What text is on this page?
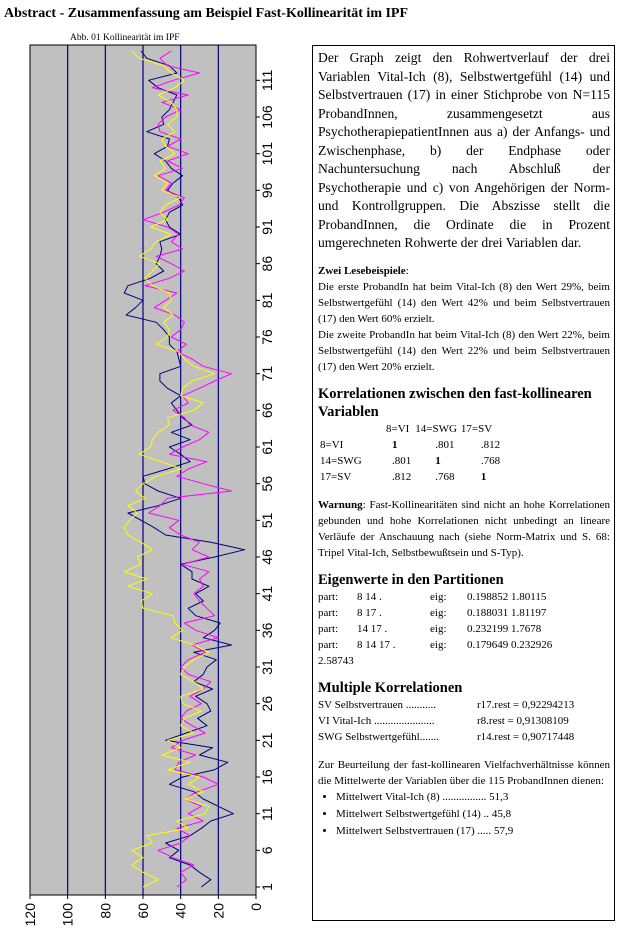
Abstract - Zusammenfassung am Beispiel Fast-Kollinearität im IPF
Abb. 01 Kollinearität im IPF
120 100 80 60 40 20 0
1
6
11
16
21
26
31
36
41
46
51
56
61
66
71
76
81
86
91
96
101
106
111
Der Graph zeigt den Rohwertverlauf der drei Variablen Vital-Ich (8), Selbstwertgefühl (14) und Selbstvertrauen (17) in einer Stichprobe von N=115 ProbandInnen, zusammengesetzt aus PsychotherapiepatientInnen aus a) der Anfangs- und Zwischenphase, b) der Endphase oder Nachuntersuchung nach Abschluß der Psychotherapie und c) von Angehörigen der Norm- und Kontrollgruppen. Die Abszisse stellt die ProbandInnen, die Ordinate die in Prozent umgerechneten Rohwerte der drei Variablen dar.
Zwei Lesebeispiele:
Die erste ProbandIn hat beim Vital-Ich (8) den Wert 29%, beim Selbstwertgefühl (14) den Wert 42% und beim Selbstvertrauen (17) den Wert 60% erzielt.
Die zweite ProbandIn hat beim Vital-Ich (8) den Wert 22%, beim Selbstwertgefühl (14) den Wert 22% und beim Selbstvertrauen (17) den Wert 20% erzielt.
Korrelationen zwischen den fast-kollinearen Variablen
	8=VI	14=SWG	17=SV
8=VI	1	.801	.812
14=SWG	.801	1	.768
17=SV	.812	.768	1
Warnung: Fast-Kollinearitäten sind nicht an hohe Korrelationen gebunden und hohe Korrelationen nicht unbedingt an lineare Verläufe der Anschauung nach (siehe Norm-Matrix und S. 68: Tripel Vital-Ich, Selbstbewußtsein und S-Typ).
Eigenwerte in den Partitionen
part:	8 14 .	eig:	0.198852 1.80115
part:	8 17 .	eig:	0.188031 1.81197
part:	14 17 .	eig:	0.232199 1.7678
part:	8 14 17 .	eig:	0.179649 0.232926
2.58743
Multiple Korrelationen
SV Selbstvertrauen ...........	r17.rest = 0,92294213
VI Vital-Ich ......................	r8.rest = 0,91308109
SWG Selbstwertgefühl.......	r14.rest = 0,90717448
Zur Beurteilung der fast-kollinearen Vielfachverhältnisse können die Mittelwerte der Variablen über die 115 ProbandInnen dienen:
• Mittelwert Vital-Ich (8) ................ 51,3
• Mittelwert Selbstwertgefühl (14) .. 45,8
• Mittelwert Selbstvertrauen (17) ..... 57,9
